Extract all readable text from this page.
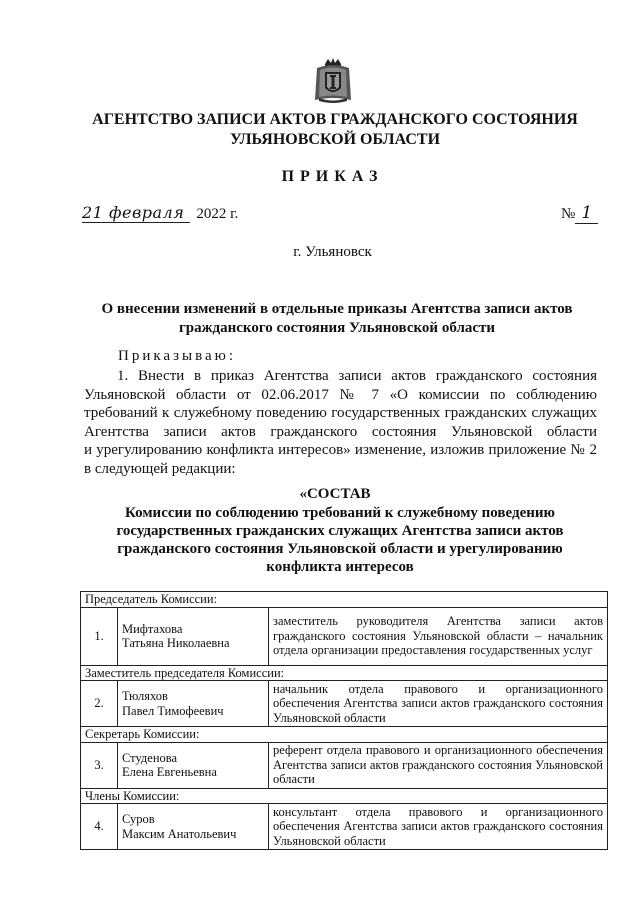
АГЕНТСТВО ЗАПИСИ АКТОВ ГРАЖДАНСКОГО СОСТОЯНИЯ
УЛЬЯНОВСКОЙ ОБЛАСТИ
ПРИКАЗ
21 февраля 2022 г.	№ 1
г. Ульяновск
О внесении изменений в отдельные приказы Агентства записи актов
гражданского состояния Ульяновской области
Приказываю:
1. Внести в приказ Агентства записи актов гражданского состояния
Ульяновской области от 02.06.2017 № 7 «О комиссии по соблюдению
требований к служебному поведению государственных гражданских служащих
Агентства записи актов гражданского состояния Ульяновской области
и урегулированию конфликта интересов» изменение, изложив приложение № 2
в следующей редакции:
«СОСТАВ
Комиссии по соблюдению требований к служебному поведению
государственных гражданских служащих Агентства записи актов
гражданского состояния Ульяновской области и урегулированию
конфликта интересов
Председатель Комиссии:		
1.	Мифтахова
Татьяна Николаевна	заместитель руководителя Агентства записи актов гражданского состояния Ульяновской области – начальник отдела организации предоставления государственных услуг
Заместитель председателя Комиссии:		
2.	Тюляхов
Павел Тимофеевич	начальник отдела правового и организационного обеспечения Агентства записи актов гражданского состояния Ульяновской области
Секретарь Комиссии:		
3.	Студенова
Елена Евгеньевна	референт отдела правового и организационного обеспечения Агентства записи актов гражданского состояния Ульяновской области
Члены Комиссии:		
4.	Суров
Максим Анатольевич	консультант отдела правового и организационного обеспечения Агентства записи актов гражданского состояния Ульяновской области
